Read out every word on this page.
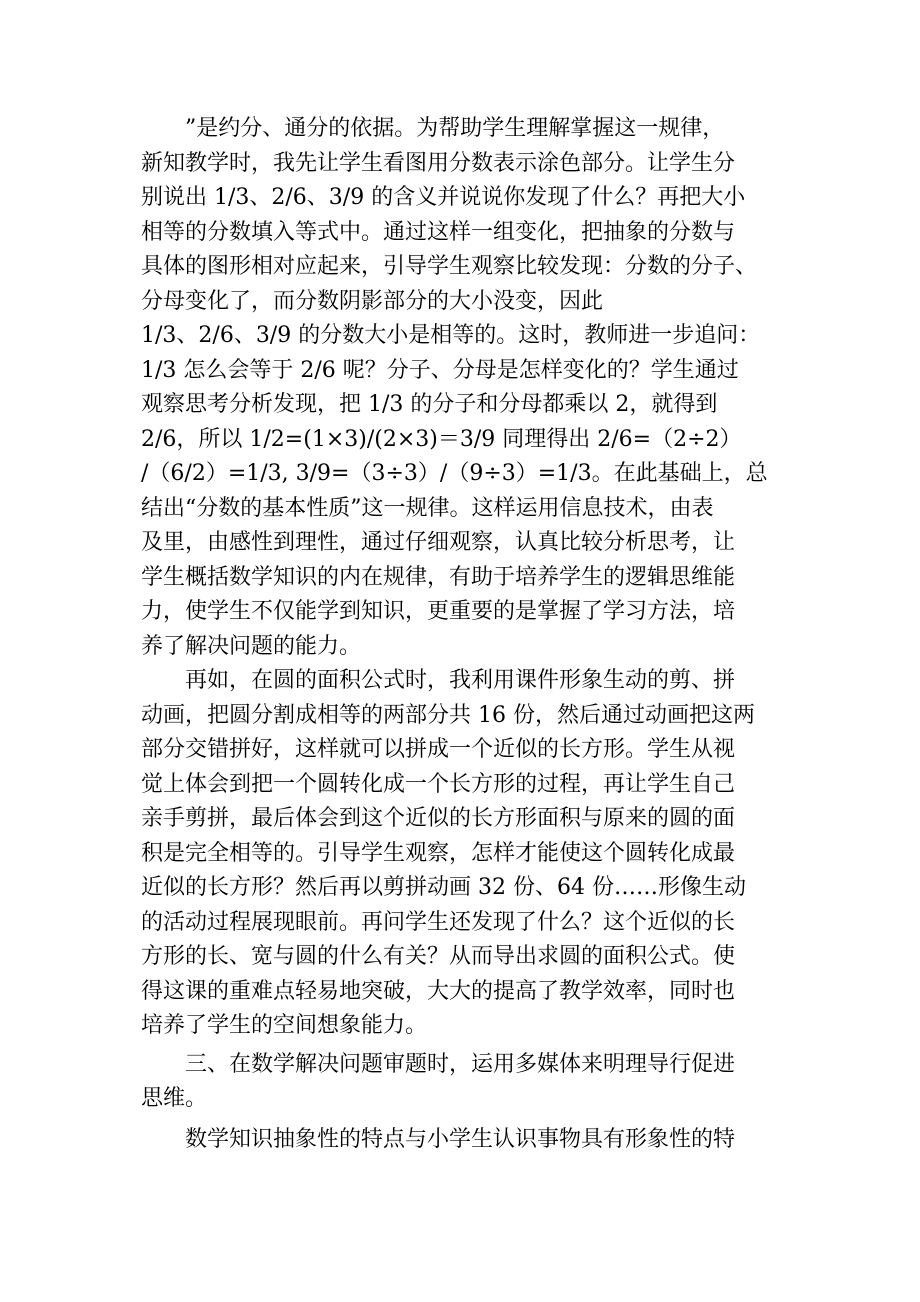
”是约分、通分的依据。为帮助学生理解掌握这一规律，
新知教学时，我先让学生看图用分数表示涂色部分。让学生分
别说出 1/3、2/6、3/9 的含义并说说你发现了什么？再把大小
相等的分数填入等式中。通过这样一组变化，把抽象的分数与
具体的图形相对应起来，引导学生观察比较发现：分数的分子、
分母变化了，而分数阴影部分的大小没变，因此
1/3、2/6、3/9 的分数大小是相等的。这时，教师进一步追问：
1/3 怎么会等于 2/6 呢？分子、分母是怎样变化的？学生通过
观察思考分析发现，把 1/3 的分子和分母都乘以 2，就得到
2/6，所以 1/2=(1×3)/(2×3)＝3/9 同理得出 2/6=（2÷2）
/（6/2）=1/3, 3/9=（3÷3）/（9÷3）=1/3。在此基础上，总
结出“分数的基本性质”这一规律。这样运用信息技术，由表
及里，由感性到理性，通过仔细观察，认真比较分析思考，让
学生概括数学知识的内在规律，有助于培养学生的逻辑思维能
力，使学生不仅能学到知识，更重要的是掌握了学习方法，培
养了解决问题的能力。
再如，在圆的面积公式时，我利用课件形象生动的剪、拼
动画，把圆分割成相等的两部分共 16 份，然后通过动画把这两
部分交错拼好，这样就可以拼成一个近似的长方形。学生从视
觉上体会到把一个圆转化成一个长方形的过程，再让学生自己
亲手剪拼，最后体会到这个近似的长方形面积与原来的圆的面
积是完全相等的。引导学生观察，怎样才能使这个圆转化成最
近似的长方形？然后再以剪拼动画 32 份、64 份……形像生动
的活动过程展现眼前。再问学生还发现了什么？这个近似的长
方形的长、宽与圆的什么有关？从而导出求圆的面积公式。使
得这课的重难点轻易地突破，大大的提高了教学效率，同时也
培养了学生的空间想象能力。
三、在数学解决问题审题时，运用多媒体来明理导行促进
思维。
数学知识抽象性的特点与小学生认识事物具有形象性的特
